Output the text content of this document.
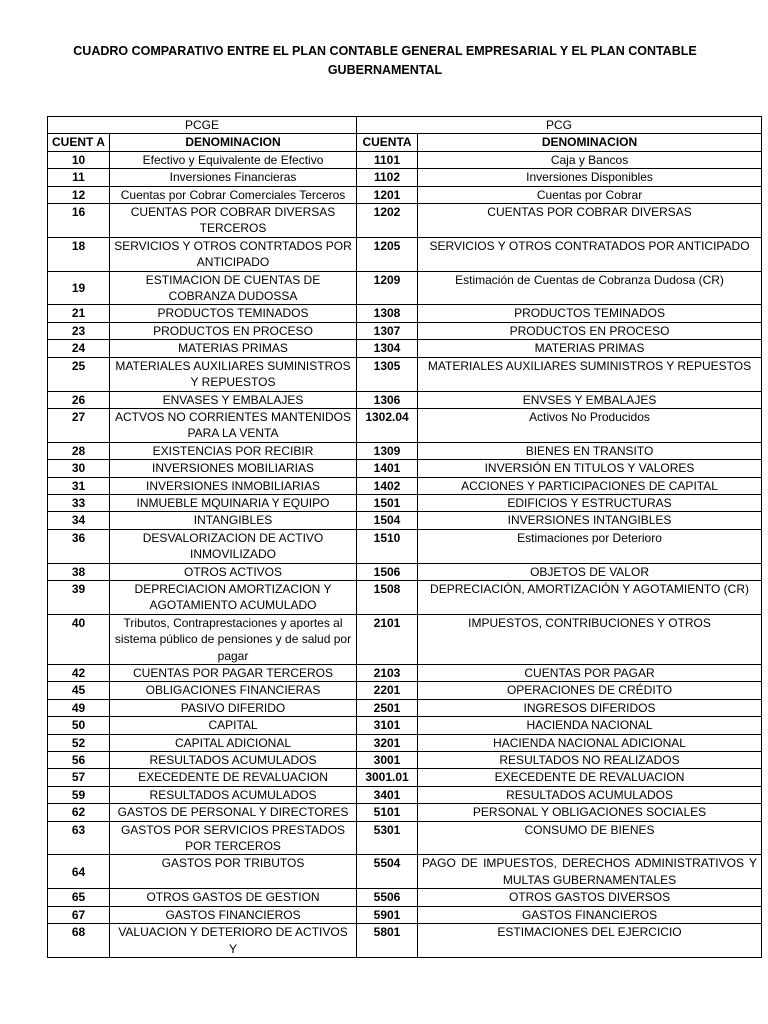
CUADRO COMPARATIVO ENTRE EL PLAN CONTABLE GENERAL EMPRESARIAL Y EL PLAN CONTABLE GUBERNAMENTAL
PCGE		PCG	
CUENT A	DENOMINACION	CUENTA	DENOMINACION
10	Efectivo y Equivalente de Efectivo	1101	Caja y Bancos
11	Inversiones Financieras	1102	Inversiones Disponibles
12	Cuentas por Cobrar Comerciales Terceros	1201	Cuentas por Cobrar
16	CUENTAS POR COBRAR DIVERSAS TERCEROS	1202	CUENTAS POR COBRAR DIVERSAS
18	SERVICIOS Y OTROS CONTRTADOS POR ANTICIPADO	1205	SERVICIOS Y OTROS CONTRATADOS POR ANTICIPADO
19	ESTIMACION DE CUENTAS DE COBRANZA DUDOSSA	1209	Estimación de Cuentas de Cobranza Dudosa (CR)
21	PRODUCTOS TEMINADOS	1308	PRODUCTOS TEMINADOS
23	PRODUCTOS EN PROCESO	1307	PRODUCTOS EN PROCESO
24	MATERIAS PRIMAS	1304	MATERIAS PRIMAS
25	MATERIALES AUXILIARES SUMINISTROS Y REPUESTOS	1305	MATERIALES AUXILIARES SUMINISTROS Y REPUESTOS
26	ENVASES Y EMBALAJES	1306	ENVSES Y EMBALAJES
27	ACTVOS NO CORRIENTES MANTENIDOS PARA LA VENTA	1302.04	Activos No Producidos
28	EXISTENCIAS POR RECIBIR	1309	BIENES EN TRANSITO
30	INVERSIONES MOBILIARIAS	1401	INVERSIÓN EN TITULOS Y VALORES
31	INVERSIONES INMOBILIARIAS	1402	ACCIONES Y PARTICIPACIONES DE CAPITAL
33	INMUEBLE MQUINARIA Y EQUIPO	1501	EDIFICIOS Y ESTRUCTURAS
34	INTANGIBLES	1504	INVERSIONES INTANGIBLES
36	DESVALORIZACION DE ACTIVO INMOVILIZADO	1510	Estimaciones por Deterioro
38	OTROS ACTIVOS	1506	OBJETOS DE VALOR
39	DEPRECIACION AMORTIZACION Y AGOTAMIENTO ACUMULADO	1508	DEPRECIACIÓN, AMORTIZACIÓN Y AGOTAMIENTO (CR)
40	Tributos, Contraprestaciones y aportes al sistema público de pensiones y de salud por pagar	2101	IMPUESTOS, CONTRIBUCIONES Y OTROS
42	CUENTAS POR PAGAR TERCEROS	2103	CUENTAS POR PAGAR
45	OBLIGACIONES FINANCIERAS	2201	OPERACIONES DE CRÉDITO
49	PASIVO DIFERIDO	2501	INGRESOS DIFERIDOS
50	CAPITAL	3101	HACIENDA NACIONAL
52	CAPITAL ADICIONAL	3201	HACIENDA NACIONAL ADICIONAL
56	RESULTADOS ACUMULADOS	3001	RESULTADOS NO REALIZADOS
57	EXECEDENTE DE REVALUACION	3001.01	EXECEDENTE DE REVALUACION
59	RESULTADOS ACUMULADOS	3401	RESULTADOS ACUMULADOS
62	GASTOS DE PERSONAL Y DIRECTORES	5101	PERSONAL Y OBLIGACIONES SOCIALES
63	GASTOS POR SERVICIOS PRESTADOS POR TERCEROS	5301	CONSUMO DE BIENES
64	GASTOS POR TRIBUTOS	5504	PAGO DE IMPUESTOS, DERECHOS ADMINISTRATIVOS Y MULTAS GUBERNAMENTALES
65	OTROS GASTOS DE GESTION	5506	OTROS GASTOS DIVERSOS
67	GASTOS FINANCIEROS	5901	GASTOS FINANCIEROS
68	VALUACION Y DETERIORO DE ACTIVOS Y	5801	ESTIMACIONES DEL EJERCICIO
